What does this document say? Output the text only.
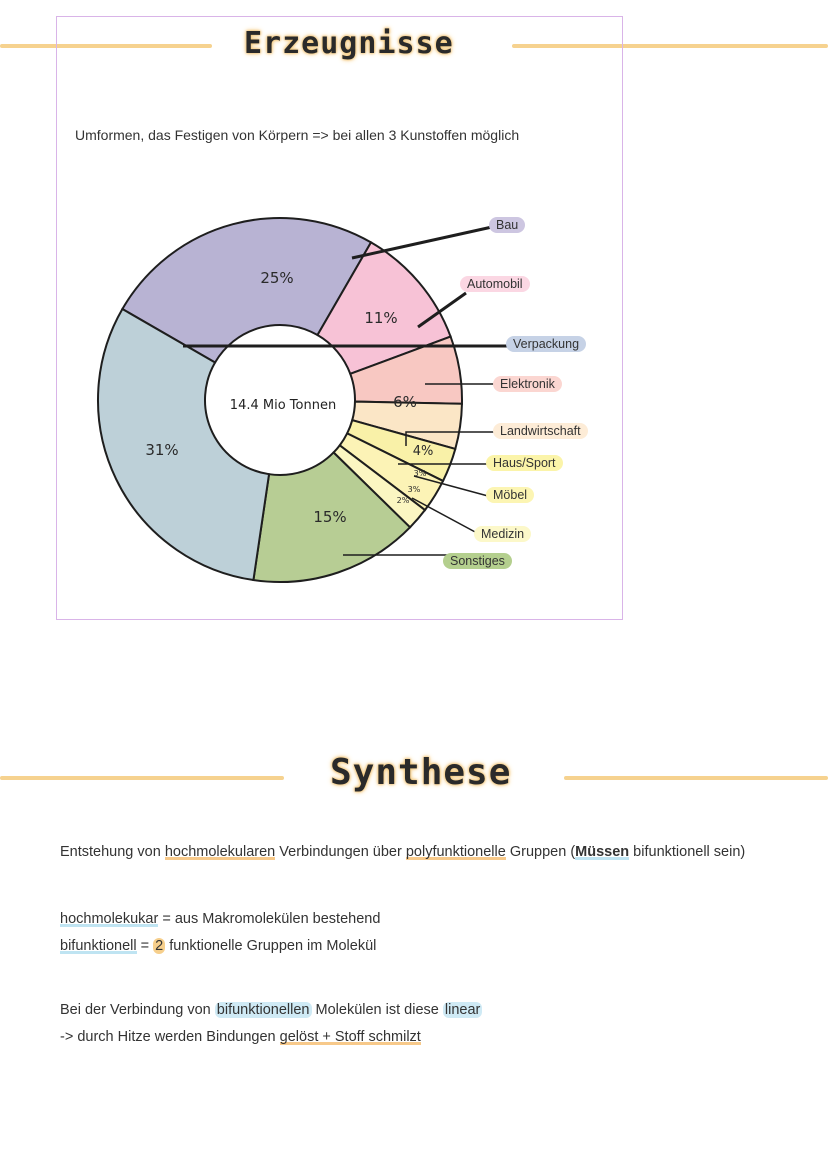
Erzeugnisse

Umformen, das Festigen von Körpern => bei allen 3 Kunstoffen möglich

25%
11%
6%
4%
3%
3%
2%
15%
31%
14.4 Mio Tonnen
Bau
Automobil
Verpackung
Elektronik
Landwirtschaft
Haus/Sport
Möbel
Medizin
Sonstiges
Synthese

Entstehung von hochmolekularen Verbindungen über polyfunktionelle Gruppen (Müssen bifunktionell sein)

hochmolekukar = aus Makromolekülen bestehend

bifunktionell = 2 funktionelle Gruppen im Molekül

Bei der Verbindung von bifunktionellen Molekülen ist diese linear

-> durch Hitze werden Bindungen gelöst + Stoff schmilzt
